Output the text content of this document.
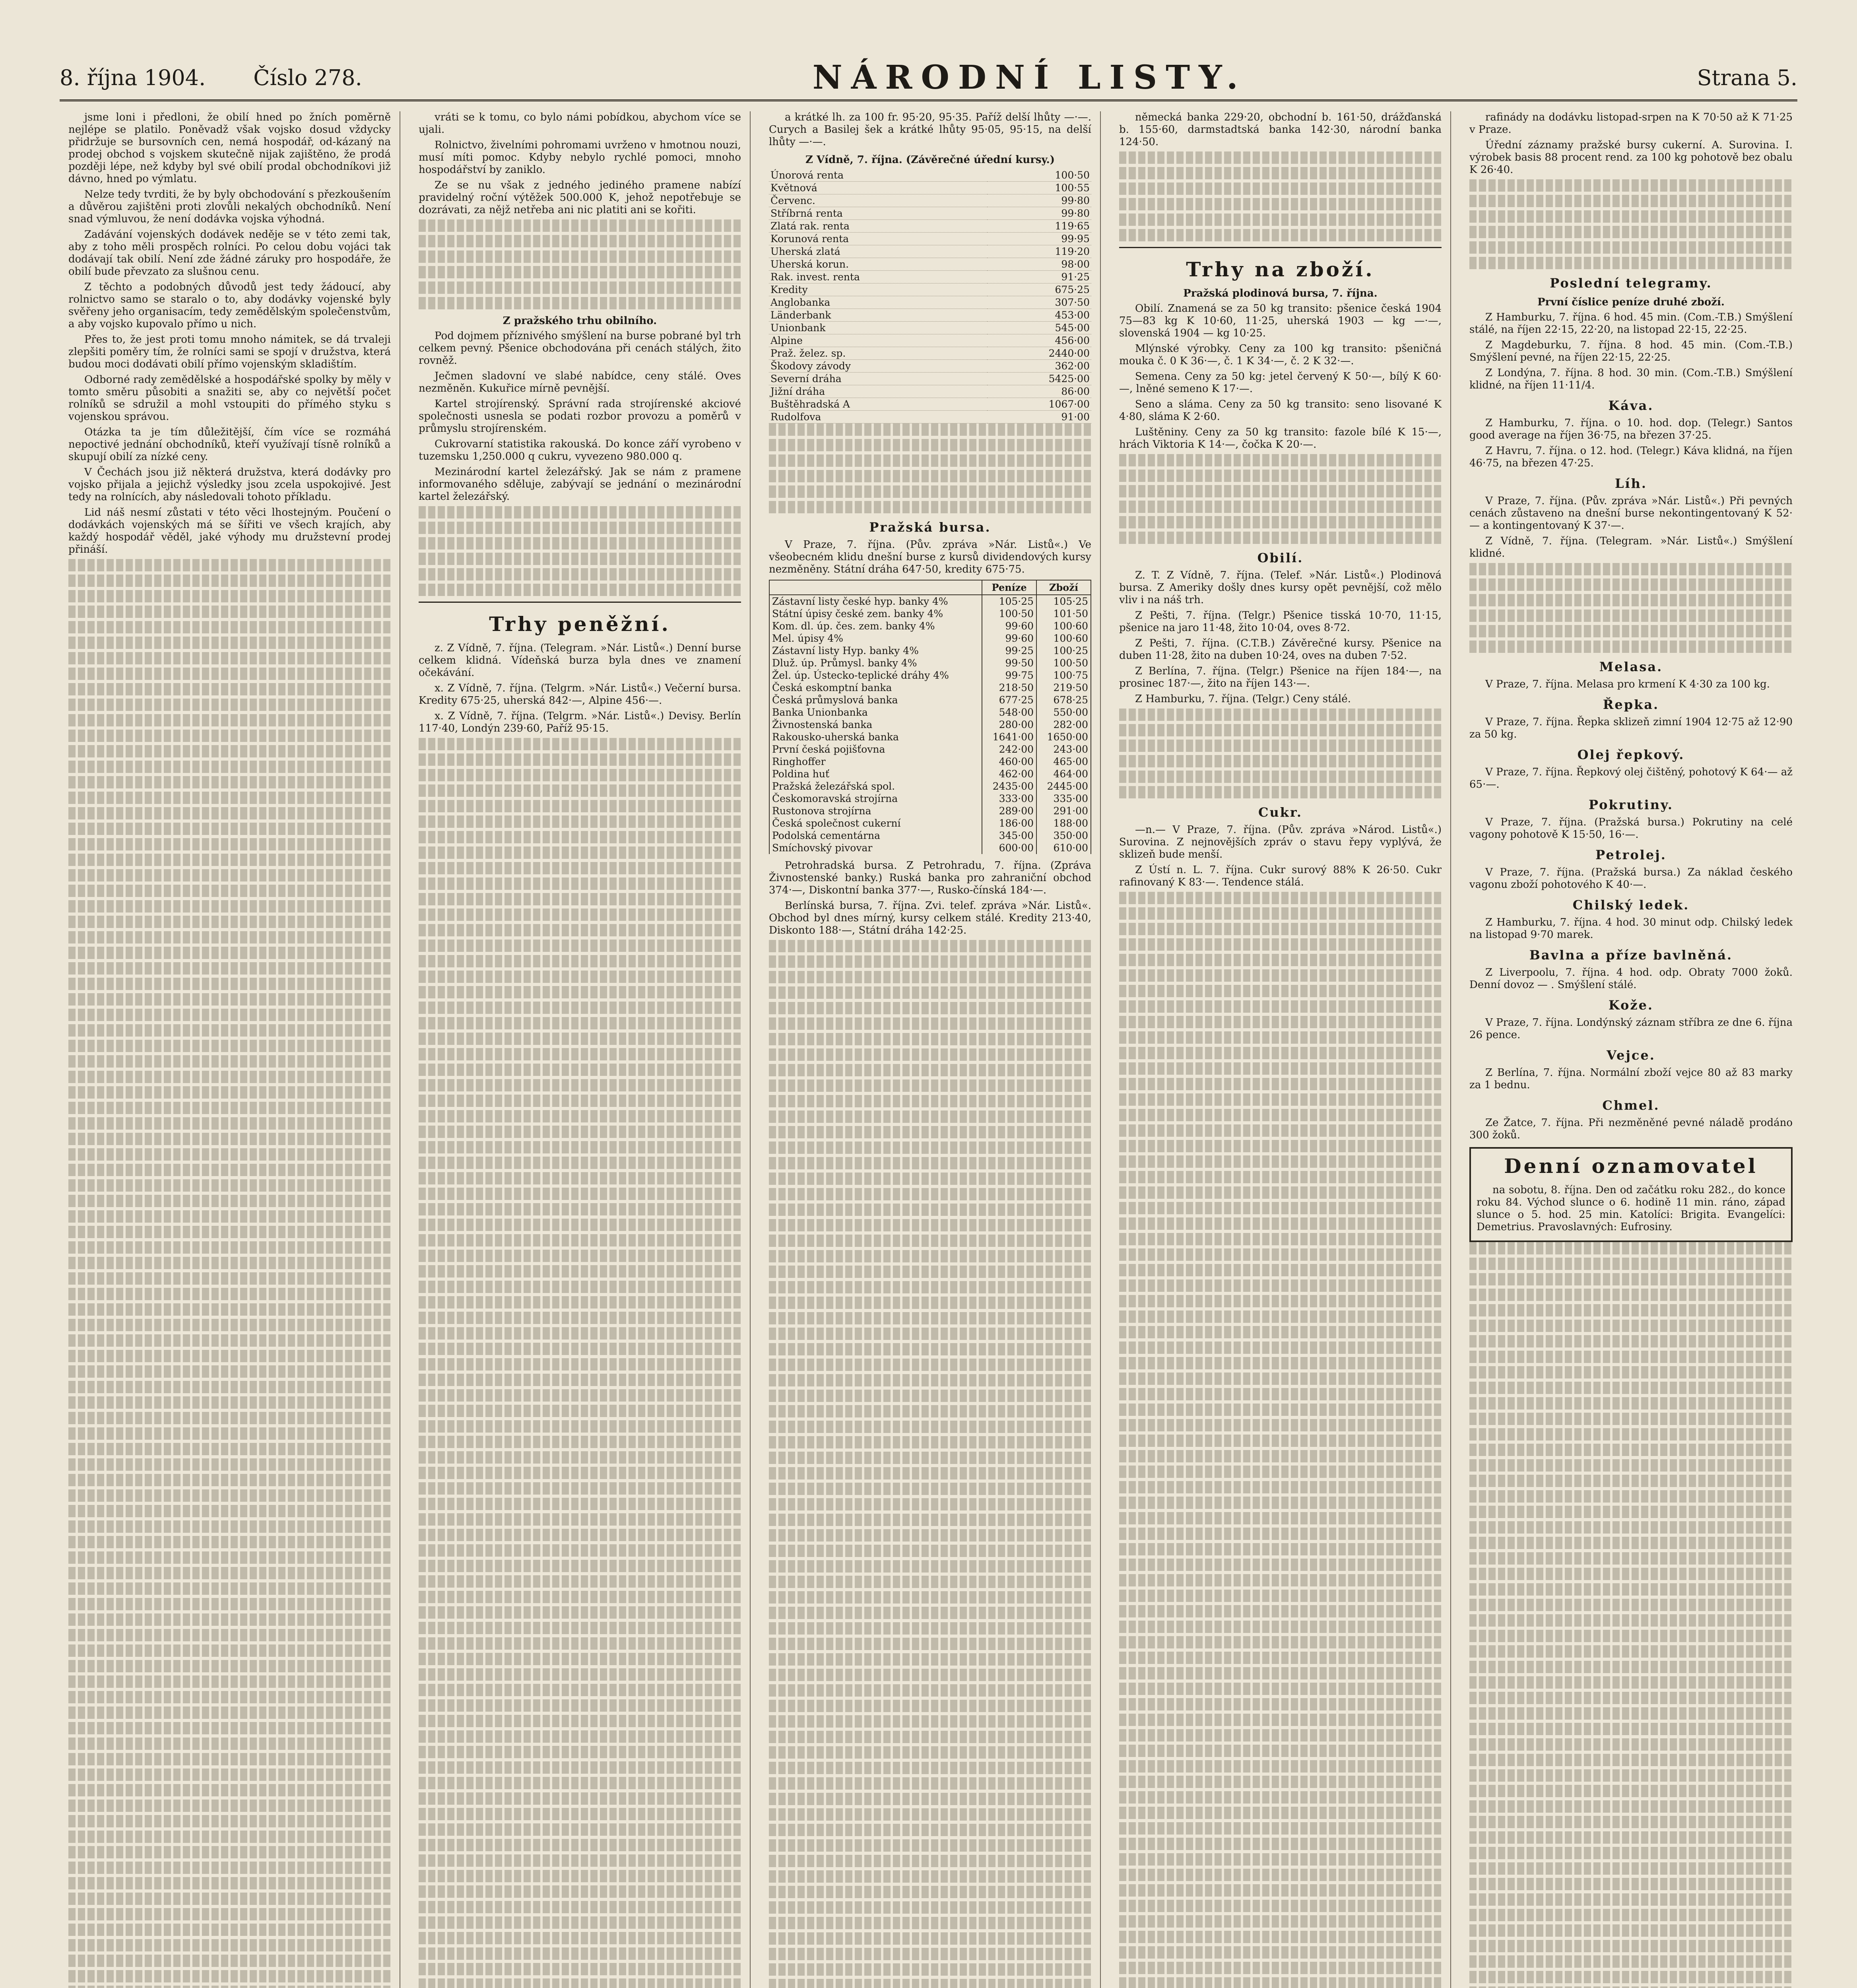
8. října 1904. Číslo 278.	NÁRODNÍ LISTY.	Strana 5.

jsme loni i předloni, že obilí hned po žních poměrně nejlépe se platilo. Poněvadž však vojsko dosud vždycky přidržuje se bursovních cen, nemá hospodář, od-kázaný na prodej obchod s vojskem skutečně nijak zajištěno, že prodá později lépe, než kdyby byl své obilí prodal obchodníkovi již dávno, hned po výmlatu.

Nelze tedy tvrditi, že by byly obchodování s přezkoušením a důvěrou zajištěni proti zlovůli nekalých obchodníků. Není snad výmluvou, že není dodávka vojska výhodná.

Zadávání vojenských dodávek neděje se v této zemi tak, aby z toho měli prospěch rolníci. Po celou dobu vojáci tak dodávají tak obilí. Není zde žádné záruky pro hospodáře, že obilí bude převzato za slušnou cenu.

Z těchto a podobných důvodů jest tedy žádoucí, aby rolnictvo samo se staralo o to, aby dodávky vojenské byly svěřeny jeho organisacím, tedy zemědělským společenstvům, a aby vojsko kupovalo přímo u nich.

Přes to, že jest proti tomu mnoho námitek, se dá trvaleji zlepšiti poměry tím, že rolníci sami se spojí v družstva, která budou moci dodávati obilí přímo vojenským skladištím.

Odborné rady zemědělské a hospodářské spolky by měly v tomto směru působiti a snažiti se, aby co největší počet rolníků se sdružil a mohl vstoupiti do přímého styku s vojenskou správou.

Otázka ta je tím důležitější, čím více se rozmáhá nepoctivé jednání obchodníků, kteří využívají tísně rolníků a skupují obilí za nízké ceny.

V Čechách jsou již některá družstva, která dodávky pro vojsko přijala a jejichž výsledky jsou zcela uspokojivé. Jest tedy na rolnících, aby následovali tohoto příkladu.

Lid náš nesmí zůstati v této věci lhostejným. Poučení o dodávkách vojenských má se šířiti ve všech krajích, aby každý hospodář věděl, jaké výhody mu družstevní prodej přináší.

vráti se k tomu, co bylo námi pobídkou, abychom více se ujali.

Rolnictvo, živelními pohromami uvrženo v hmotnou nouzi, musí míti pomoc. Kdyby nebylo rychlé pomoci, mnoho hospodářství by zaniklo.

Ze se nu však z jedného jediného pramene nabízí pravidelný roční výtěžek 500.000 K, jehož nepotřebuje se dozrávati, za nějž netřeba ani nic platiti ani se kořiti.

Z pražského trhu obilního.

Pod dojmem příznivého smýšlení na burse pobrané byl trh celkem pevný. Pšenice obchodována při cenách stálých, žito rovněž.

Ječmen sladovní ve slabé nabídce, ceny stálé. Oves nezměněn. Kukuřice mírně pevnější.

Kartel strojírenský. Správní rada strojírenské akciové společnosti usnesla se podati rozbor provozu a poměrů v průmyslu strojírenském.

Cukrovarní statistika rakouská. Do konce září vyrobeno v tuzemsku 1,250.000 q cukru, vyvezeno 980.000 q.

Mezinárodní kartel železářský. Jak se nám z pramene informovaného sděluje, zabývají se jednání o mezinárodní kartel železářský.

Trhy peněžní.

z. Z Vídně, 7. října. (Telegram. »Nár. Listů«.) Denní burse celkem klidná. Vídeňská burza byla dnes ve znamení očekávání.

x. Z Vídně, 7. října. (Telgrm. »Nár. Listů«.) Večerní bursa. Kredity 675·25, uherská 842·—, Alpine 456·—.

x. Z Vídně, 7. října. (Telgrm. »Nár. Listů«.) Devisy. Berlín 117·40, Londýn 239·60, Paříž 95·15.

a krátké lh. za 100 fr. 95·20, 95·35. Paříž delší lhůty —·—. Curych a Basilej šek a krátké lhůty 95·05, 95·15, na delší lhůty —·—.

Z Vídně, 7. října. (Závěrečné úřední kursy.)
Únorová renta	100·50
Květnová	100·55
Červenc.	99·80
Stříbrná renta	99·80
Zlatá rak. renta	119·65
Korunová renta	99·95
Uherská zlatá	119·20
Uherská korun.	98·00
Rak. invest. renta	91·25
Kredity	675·25
Anglobanka	307·50
Länderbank	453·00
Unionbank	545·00
Alpine	456·00
Praž. želez. sp.	2440·00
Škodovy závody	362·00
Severní dráha	5425·00
Jižní dráha	86·00
Buštěhradská A	1067·00
Rudolfova	91·00
Pražská bursa.

V Praze, 7. října. (Pův. zpráva »Nár. Listů«.) Ve všeobecném klidu dnešní burse z kursů dividendových kursy nezměněny. Státní dráha 647·50, kredity 675·75.

	Peníze	Zboží
Zástavní listy české hyp. banky 4%	105·25	105·25
Státní úpisy české zem. banky 4%	100·50	101·50
Kom. dl. úp. čes. zem. banky 4%	99·60	100·60
Mel. úpisy 4%	99·60	100·60
Zástavní listy Hyp. banky 4%	99·25	100·25
Dluž. úp. Průmysl. banky 4%	99·50	100·50
Žel. úp. Ústecko-teplické dráhy 4%	99·75	100·75
Česká eskomptní banka	218·50	219·50
Česká průmyslová banka	677·25	678·25
Banka Unionbanka	548·00	550·00
Živnostenská banka	280·00	282·00
Rakousko-uherská banka	1641·00	1650·00
První česká pojišťovna	242·00	243·00
Ringhoffer	460·00	465·00
Poldina huť	462·00	464·00
Pražská železářská spol.	2435·00	2445·00
Českomoravská strojírna	333·00	335·00
Rustonova strojírna	289·00	291·00
Česká společnost cukerní	186·00	188·00
Podolská cementárna	345·00	350·00
Smíchovský pivovar	600·00	610·00

Petrohradská bursa. Z Petrohradu, 7. října. (Zpráva Živnostenské banky.) Ruská banka pro zahraniční obchod 374·—, Diskontní banka 377·—, Rusko-čínská 184·—.

Berlínská bursa, 7. října. Zvi. telef. zpráva »Nár. Listů«. Obchod byl dnes mírný, kursy celkem stálé. Kredity 213·40, Diskonto 188·—, Státní dráha 142·25.

německá banka 229·20, obchodní b. 161·50, drážďanská b. 155·60, darmstadtská banka 142·30, národní banka 124·50.

Trhy na zboží.
Pražská plodinová bursa, 7. října.

Obilí. Znamená se za 50 kg transito: pšenice česká 1904 75—83 kg K 10·60, 11·25, uherská 1903 — kg —·—, slovenská 1904 — kg 10·25.

Mlýnské výrobky. Ceny za 100 kg transito: pšeničná mouka č. 0 K 36·—, č. 1 K 34·—, č. 2 K 32·—.

Semena. Ceny za 50 kg: jetel červený K 50·—, bílý K 60·—, lněné semeno K 17·—.

Seno a sláma. Ceny za 50 kg transito: seno lisované K 4·80, sláma K 2·60.

Luštěniny. Ceny za 50 kg transito: fazole bílé K 15·—, hrách Viktoria K 14·—, čočka K 20·—.

Obilí.

Z. T. Z Vídně, 7. října. (Telef. »Nár. Listů«.) Plodinová bursa. Z Ameriky došly dnes kursy opět pevnější, což mělo vliv i na náš trh.

Z Pešti, 7. října. (Telgr.) Pšenice tisská 10·70, 11·15, pšenice na jaro 11·48, žito 10·04, oves 8·72.

Z Pešti, 7. října. (C.T.B.) Závěrečné kursy. Pšenice na duben 11·28, žito na duben 10·24, oves na duben 7·52.

Z Berlína, 7. října. (Telgr.) Pšenice na říjen 184·—, na prosinec 187·—, žito na říjen 143·—.

Z Hamburku, 7. října. (Telgr.) Ceny stálé.

Cukr.

—n.— V Praze, 7. října. (Pův. zpráva »Národ. Listů«.) Surovina. Z nejnovějších zpráv o stavu řepy vyplývá, že sklizeň bude menší.

Z Ústí n. L. 7. října. Cukr surový 88% K 26·50. Cukr rafinovaný K 83·—. Tendence stálá.

rafinády na dodávku listopad-srpen na K 70·50 až K 71·25 v Praze.

Úřední záznamy pražské bursy cukerní. A. Surovina. I. výrobek basis 88 procent rend. za 100 kg pohotově bez obalu K 26·40.

Poslední telegramy.
První číslice peníze druhé zboží.

Z Hamburku, 7. října. 6 hod. 45 min. (Com.-T.B.) Smýšlení stálé, na říjen 22·15, 22·20, na listopad 22·15, 22·25.

Z Magdeburku, 7. října. 8 hod. 45 min. (Com.-T.B.) Smýšlení pevné, na říjen 22·15, 22·25.

Z Londýna, 7. října. 8 hod. 30 min. (Com.-T.B.) Smýšlení klidné, na říjen 11·11/4.

Káva.

Z Hamburku, 7. října. o 10. hod. dop. (Telegr.) Santos good average na říjen 36·75, na březen 37·25.

Z Havru, 7. října. o 12. hod. (Telegr.) Káva klidná, na říjen 46·75, na březen 47·25.

Líh.

V Praze, 7. října. (Pův. zpráva »Nár. Listů«.) Při pevných cenách zůstaveno na dnešní burse nekontingentovaný K 52·— a kontingentovaný K 37·—.

Z Vídně, 7. října. (Telegram. »Nár. Listů«.) Smýšlení klidné.

Melasa.

V Praze, 7. října. Melasa pro krmení K 4·30 za 100 kg.

Řepka.

V Praze, 7. října. Řepka sklizeň zimní 1904 12·75 až 12·90 za 50 kg.

Olej řepkový.

V Praze, 7. října. Řepkový olej čištěný, pohotový K 64·— až 65·—.

Pokrutiny.

V Praze, 7. října. (Pražská bursa.) Pokrutiny na celé vagony pohotově K 15·50, 16·—.

Petrolej.

V Praze, 7. října. (Pražská bursa.) Za náklad českého vagonu zboží pohotového K 40·—.

Chilský ledek.

Z Hamburku, 7. října. 4 hod. 30 minut odp. Chilský ledek na listopad 9·70 marek.

Bavlna a příze bavlněná.

Z Liverpoolu, 7. října. 4 hod. odp. Obraty 7000 žoků. Denní dovoz — . Smýšlení stálé.

Kože.

V Praze, 7. října. Londýnský záznam stříbra ze dne 6. října 26 pence.

Vejce.

Z Berlína, 7. října. Normální zboží vejce 80 až 83 marky za 1 bednu.

Chmel.

Ze Žatce, 7. října. Při nezměněné pevné náladě prodáno 300 žoků.

Denní oznamovatel

na sobotu, 8. října. Den od začátku roku 282., do konce roku 84. Východ slunce o 6. hodině 11 min. ráno, západ slunce o 5. hod. 25 min. Katolíci: Brigita. Evangelíci: Demetrius. Pravoslavných: Eufrosiny.
